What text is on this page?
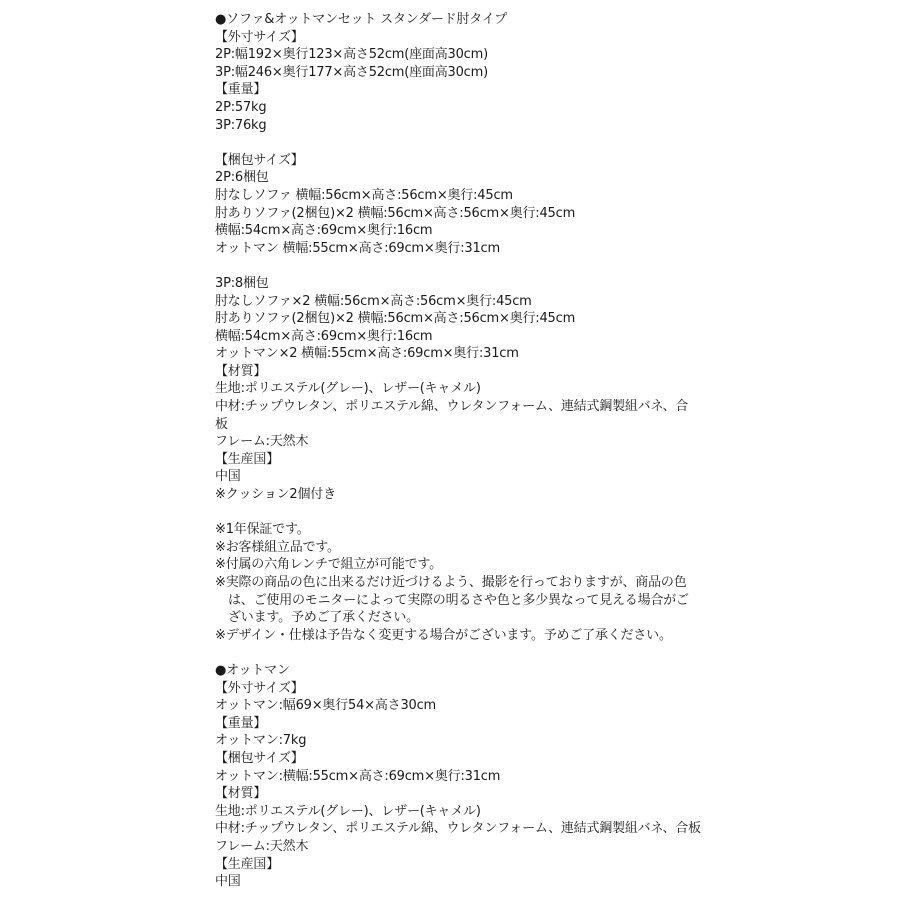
●ソファ&オットマンセット スタンダード肘タイプ
【外寸サイズ】
2P:幅192×奥行123×高さ52cm(座面高30cm)
3P:幅246×奥行177×高さ52cm(座面高30cm)
【重量】
2P:57kg
3P:76kg
【梱包サイズ】
2P:6梱包
肘なしソファ 横幅:56cm×高さ:56cm×奥行:45cm
肘ありソファ(2梱包)×2 横幅:56cm×高さ:56cm×奥行:45cm
横幅:54cm×高さ:69cm×奥行:16cm
オットマン 横幅:55cm×高さ:69cm×奥行:31cm
3P:8梱包
肘なしソファ×2 横幅:56cm×高さ:56cm×奥行:45cm
肘ありソファ(2梱包)×2 横幅:56cm×高さ:56cm×奥行:45cm
横幅:54cm×高さ:69cm×奥行:16cm
オットマン×2 横幅:55cm×高さ:69cm×奥行:31cm
【材質】
生地:ポリエステル(グレー)、レザー(キャメル)
中材:チップウレタン、ポリエステル綿、ウレタンフォーム、連結式鋼製組バネ、合
板
フレーム:天然木
【生産国】
中国
※クッション2個付き
※1年保証です。
※お客様組立品です。
※付属の六角レンチで組立が可能です。
※実際の商品の色に出来るだけ近づけるよう、撮影を行っておりますが、商品の色は、ご使用のモニターによって実際の明るさや色と多少異なって見える場合がございます。予めご了承ください。
※デザイン・仕様は予告なく変更する場合がございます。予めご了承ください。
●オットマン
【外寸サイズ】
オットマン:幅69×奥行54×高さ30cm
【重量】
オットマン:7kg
【梱包サイズ】
オットマン:横幅:55cm×高さ:69cm×奥行:31cm
【材質】
生地:ポリエステル(グレー)、レザー(キャメル)
中材:チップウレタン、ポリエステル綿、ウレタンフォーム、連結式鋼製組バネ、合板
フレーム:天然木
【生産国】
中国
